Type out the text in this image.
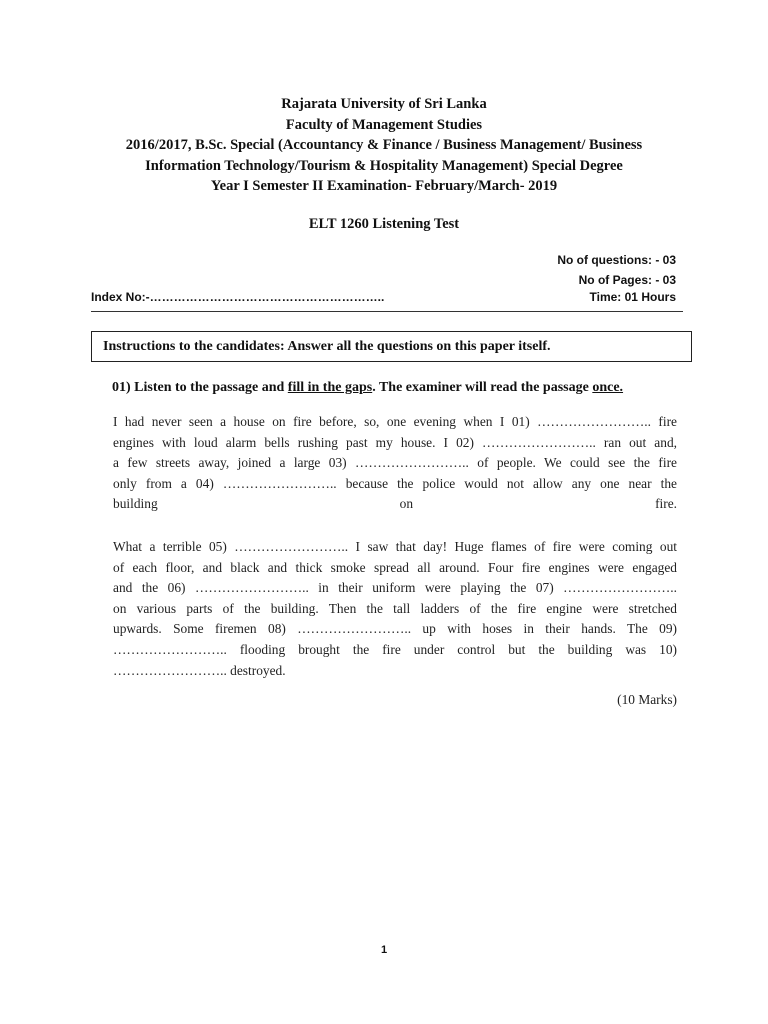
Rajarata University of Sri Lanka
Faculty of Management Studies
2016/2017, B.Sc. Special (Accountancy & Finance / Business Management/ Business
Information Technology/Tourism & Hospitality Management) Special Degree
Year I Semester II Examination- February/March- 2019
ELT 1260 Listening Test
No of questions: - 03
No of Pages: - 03
Index No:-…………………………………………………..	Time: 01 Hours
Instructions to the candidates: Answer all the questions on this paper itself.
01) Listen to the passage and fill in the gaps. The examiner will read the passage once.
I had never seen a house on fire before, so, one evening when I 01) …………………….. fire
engines with loud alarm bells rushing past my house. I 02) …………………….. ran out and,
a few streets away, joined a large 03) …………………….. of people. We could see the fire
only from a 04) …………………….. because the police would not allow any one near the
building on fire.
What a terrible 05) …………………….. I saw that day! Huge flames of fire were coming out
of each floor, and black and thick smoke spread all around. Four fire engines were engaged
and the 06) …………………….. in their uniform were playing the 07) ……………………..
on various parts of the building. Then the tall ladders of the fire engine were stretched
upwards. Some firemen 08) …………………….. up with hoses in their hands. The 09)
…………………….. flooding brought the fire under control but the building was 10)
…………………….. destroyed.
(10 Marks)
1
